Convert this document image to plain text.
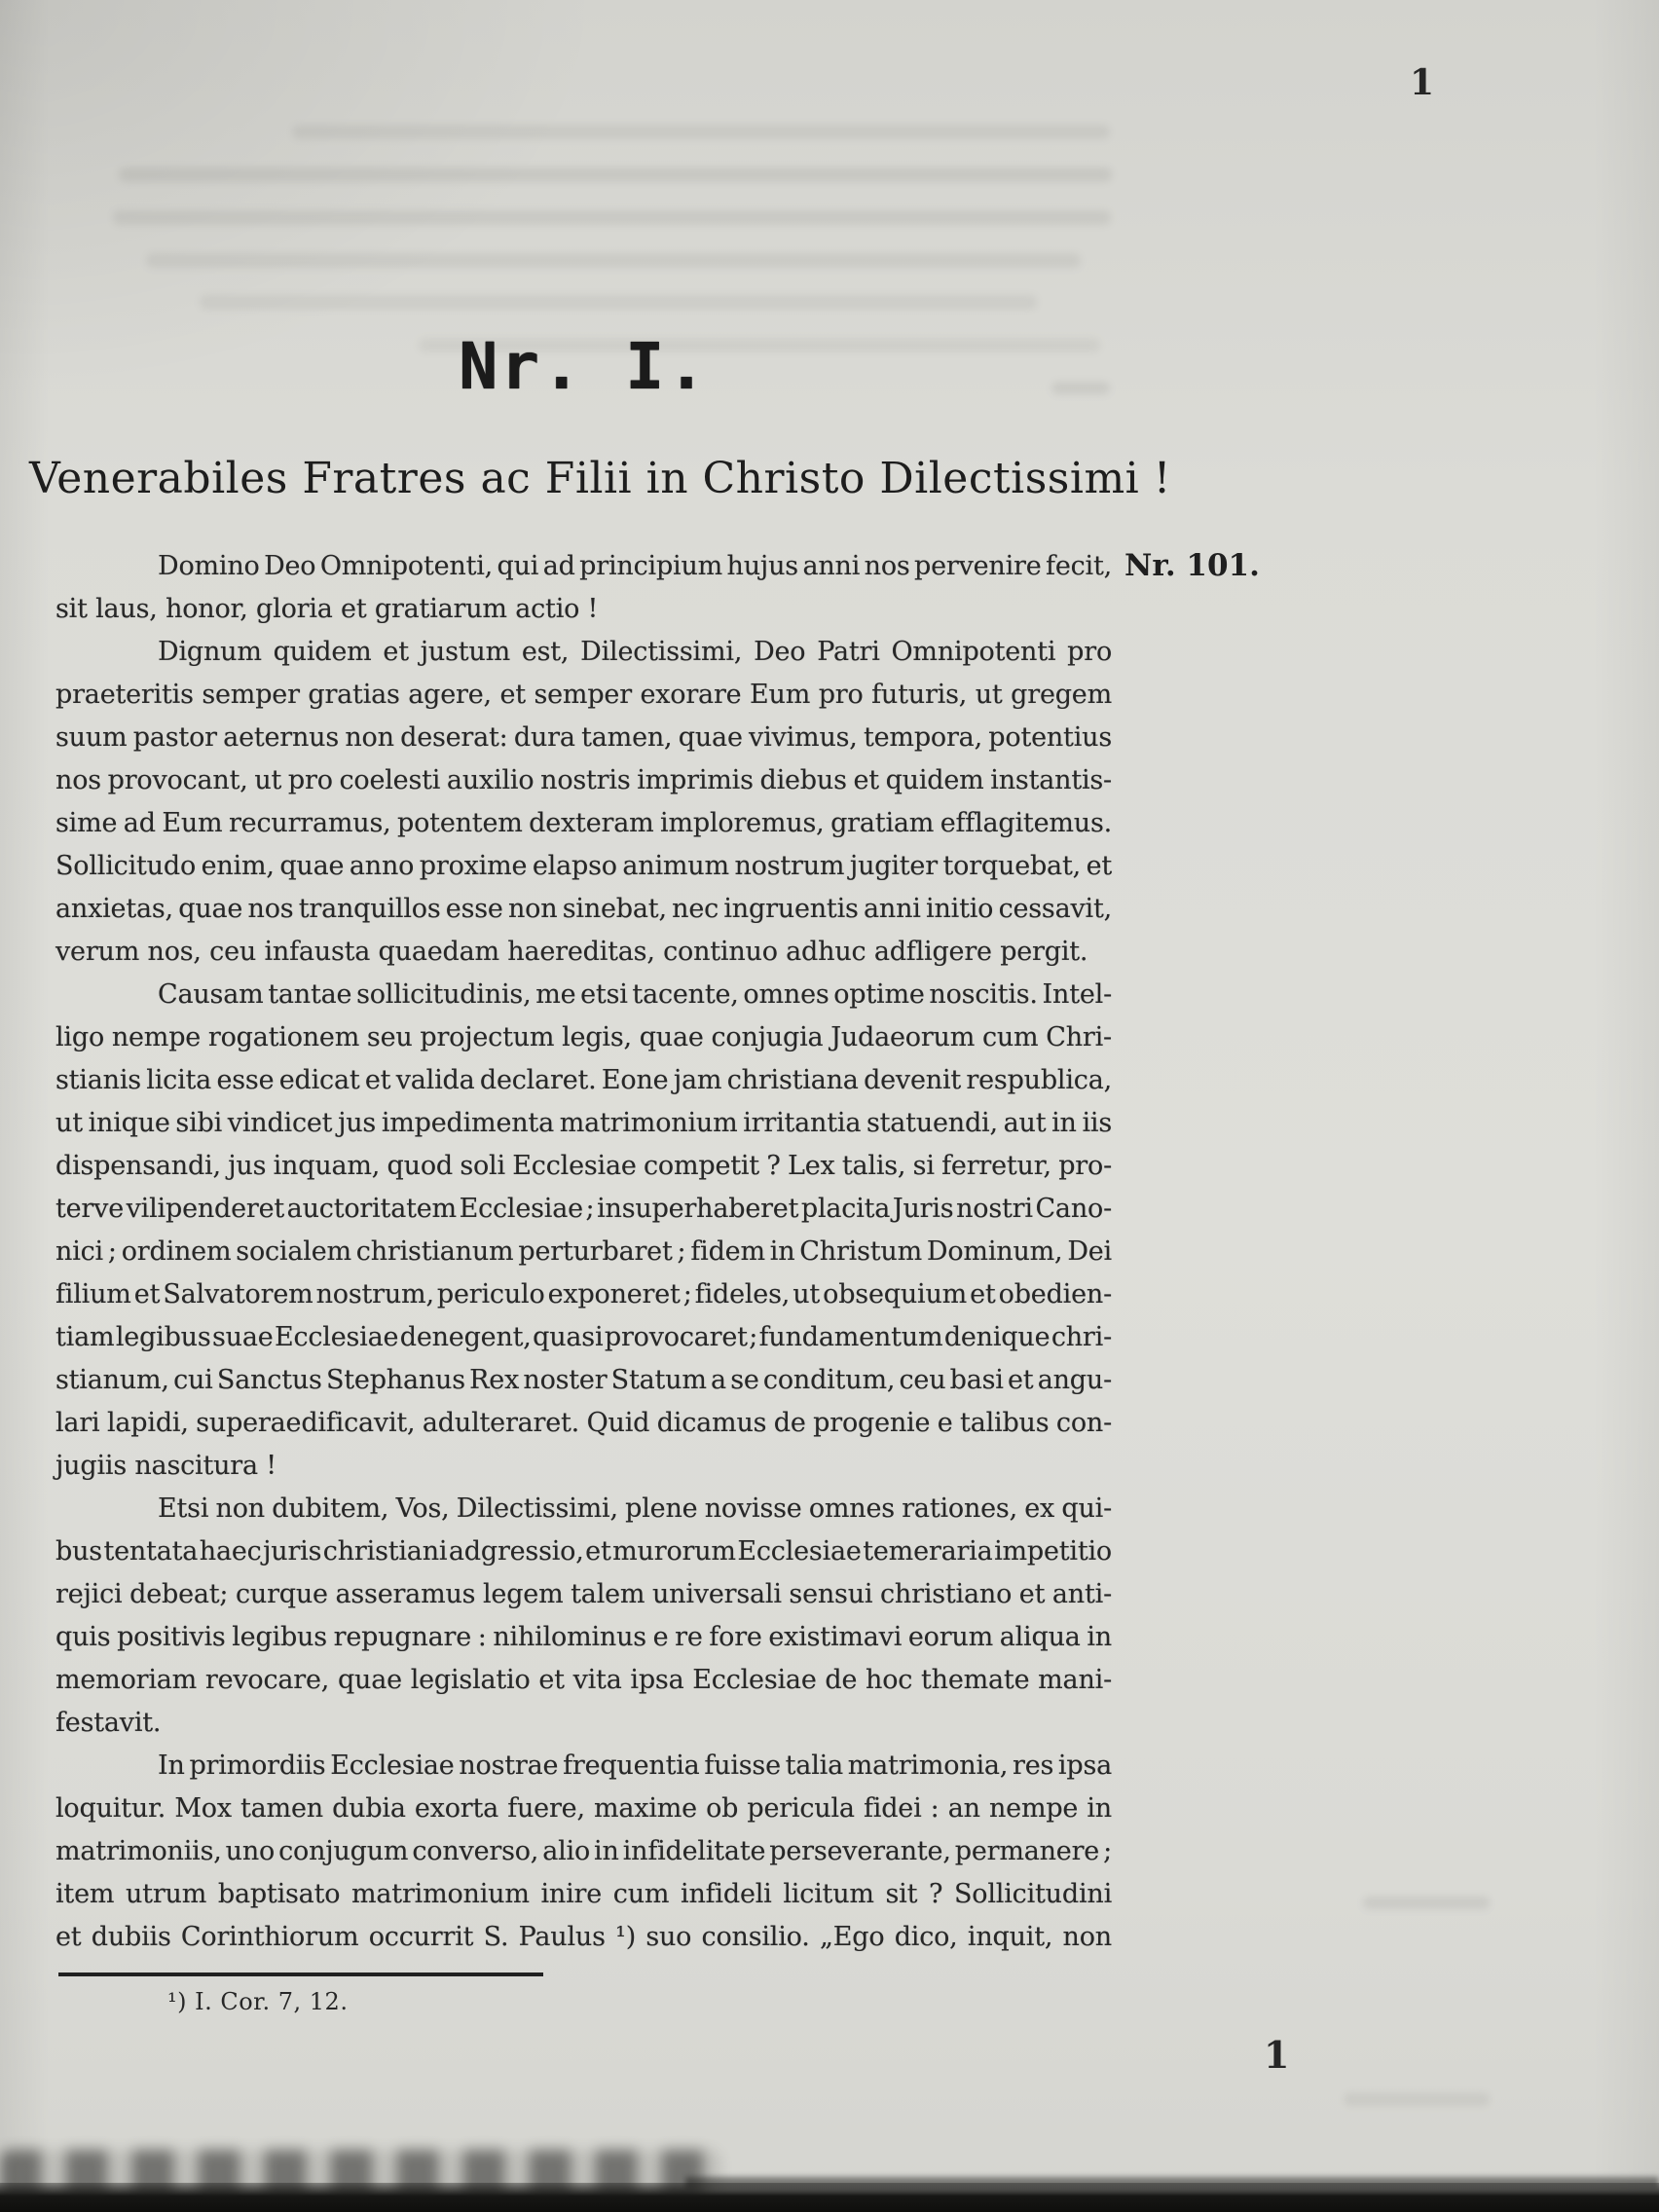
1
Nr. I.
Venerabiles Fratres ac Filii in Christo Dilectissimi !
Nr. 101.
Domino Deo Omnipotenti, qui ad principium hujus anni nos pervenire fecit,
sit laus, honor, gloria et gratiarum actio !
Dignum quidem et justum est, Dilectissimi, Deo Patri Omnipotenti pro
praeteritis semper gratias agere, et semper exorare Eum pro futuris, ut gregem
suum pastor aeternus non deserat: dura tamen, quae vivimus, tempora, potentius
nos provocant, ut pro coelesti auxilio nostris imprimis diebus et quidem instantis-
sime ad Eum recurramus, potentem dexteram imploremus, gratiam efflagitemus.
Sollicitudo enim, quae anno proxime elapso animum nostrum jugiter torquebat, et
anxietas, quae nos tranquillos esse non sinebat, nec ingruentis anni initio cessavit,
verum nos, ceu infausta quaedam haereditas, continuo adhuc adfligere pergit.
Causam tantae sollicitudinis, me etsi tacente, omnes optime noscitis. Intel-
ligo nempe rogationem seu projectum legis, quae conjugia Judaeorum cum Chri-
stianis licita esse edicat et valida declaret. Eone jam christiana devenit respublica,
ut inique sibi vindicet jus impedimenta matrimonium irritantia statuendi, aut in iis
dispensandi, jus inquam, quod soli Ecclesiae competit ? Lex talis, si ferretur, pro-
terve vilipenderet auctoritatem Ecclesiae ; insuperhaberet placita Juris nostri Cano-
nici ; ordinem socialem christianum perturbaret ; fidem in Christum Dominum, Dei
filium et Salvatorem nostrum, periculo exponeret ; fideles, ut obsequium et obedien-
tiam legibus suae Ecclesiae denegent, quasi provocaret ; fundamentum denique chri-
stianum, cui Sanctus Stephanus Rex noster Statum a se conditum, ceu basi et angu-
lari lapidi, superaedificavit, adulteraret. Quid dicamus de progenie e talibus con-
jugiis nascitura !
Etsi non dubitem, Vos, Dilectissimi, plene novisse omnes rationes, ex qui-
bus tentata haec juris christiani adgressio, et murorum Ecclesiae temeraria impetitio
rejici debeat; curque asseramus legem talem universali sensui christiano et anti-
quis positivis legibus repugnare : nihilominus e re fore existimavi eorum aliqua in
memoriam revocare, quae legislatio et vita ipsa Ecclesiae de hoc themate mani-
festavit.
In primordiis Ecclesiae nostrae frequentia fuisse talia matrimonia, res ipsa
loquitur. Mox tamen dubia exorta fuere, maxime ob pericula fidei : an nempe in
matrimoniis, uno conjugum converso, alio in infidelitate perseverante, permanere ;
item utrum baptisato matrimonium inire cum infideli licitum sit ? Sollicitudini
et dubiis Corinthiorum occurrit S. Paulus ¹) suo consilio. „Ego dico, inquit, non
¹) I. Cor. 7, 12.
1
